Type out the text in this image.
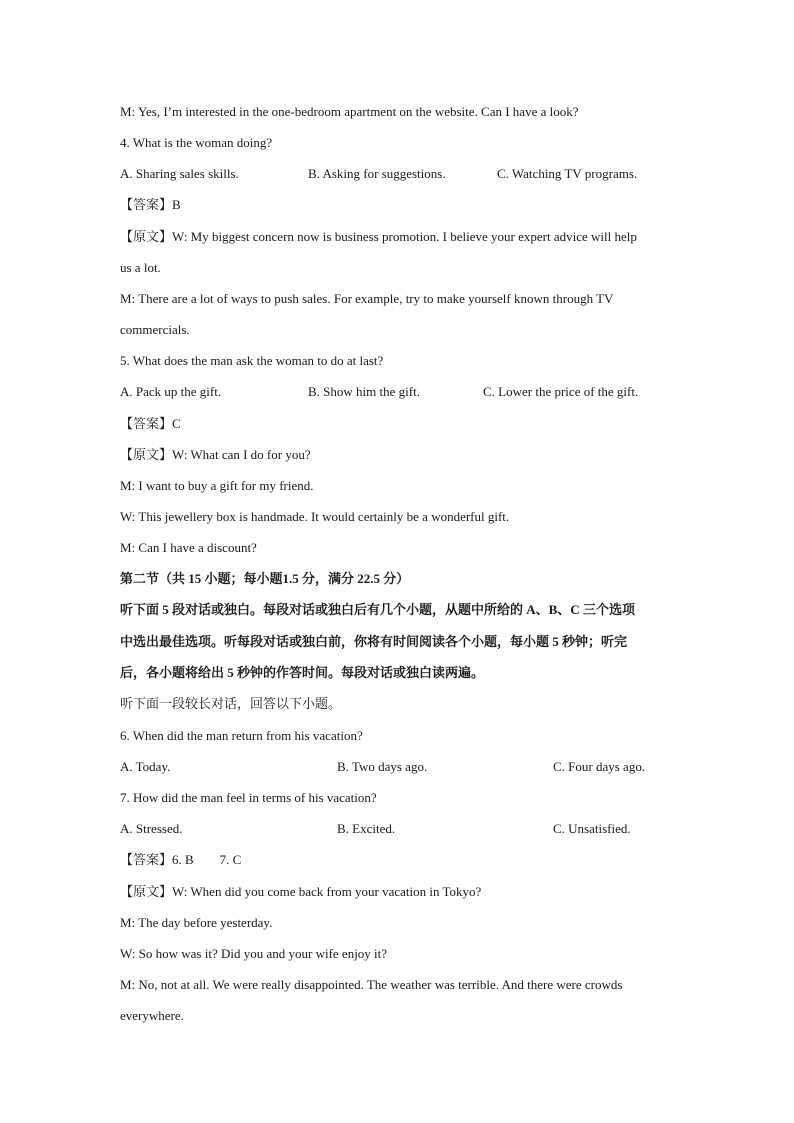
M: Yes, I’m interested in the one-bedroom apartment on the website. Can I have a look?
4. What is the woman doing?
A. Sharing sales skills.	B. Asking for suggestions.	C. Watching TV programs.
【答案】B
【原文】W: My biggest concern now is business promotion. I believe your expert advice will help
us a lot.
M: There are a lot of ways to push sales. For example, try to make yourself known through TV
commercials.
5. What does the man ask the woman to do at last?
A. Pack up the gift.	B. Show him the gift.	C. Lower the price of the gift.
【答案】C
【原文】W: What can I do for you?
M: I want to buy a gift for my friend.
W: This jewellery box is handmade. It would certainly be a wonderful gift.
M: Can I have a discount?
第二节（共 15 小题；每小题1.5 分，满分 22.5 分）
听下面 5 段对话或独白。每段对话或独白后有几个小题，从题中所给的 A、B、C 三个选项
中选出最佳选项。听每段对话或独白前，你将有时间阅读各个小题，每小题 5 秒钟；听完
后，各小题将给出 5 秒钟的作答时间。每段对话或独白读两遍。
听下面一段较长对话，回答以下小题。
6. When did the man return from his vacation?
A. Today.	B. Two days ago.	C. Four days ago.
7. How did the man feel in terms of his vacation?
A. Stressed.	B. Excited.	C. Unsatisfied.
【答案】6. B        7. C
【原文】W: When did you come back from your vacation in Tokyo?
M: The day before yesterday.
W: So how was it? Did you and your wife enjoy it?
M: No, not at all. We were really disappointed. The weather was terrible. And there were crowds
everywhere.
